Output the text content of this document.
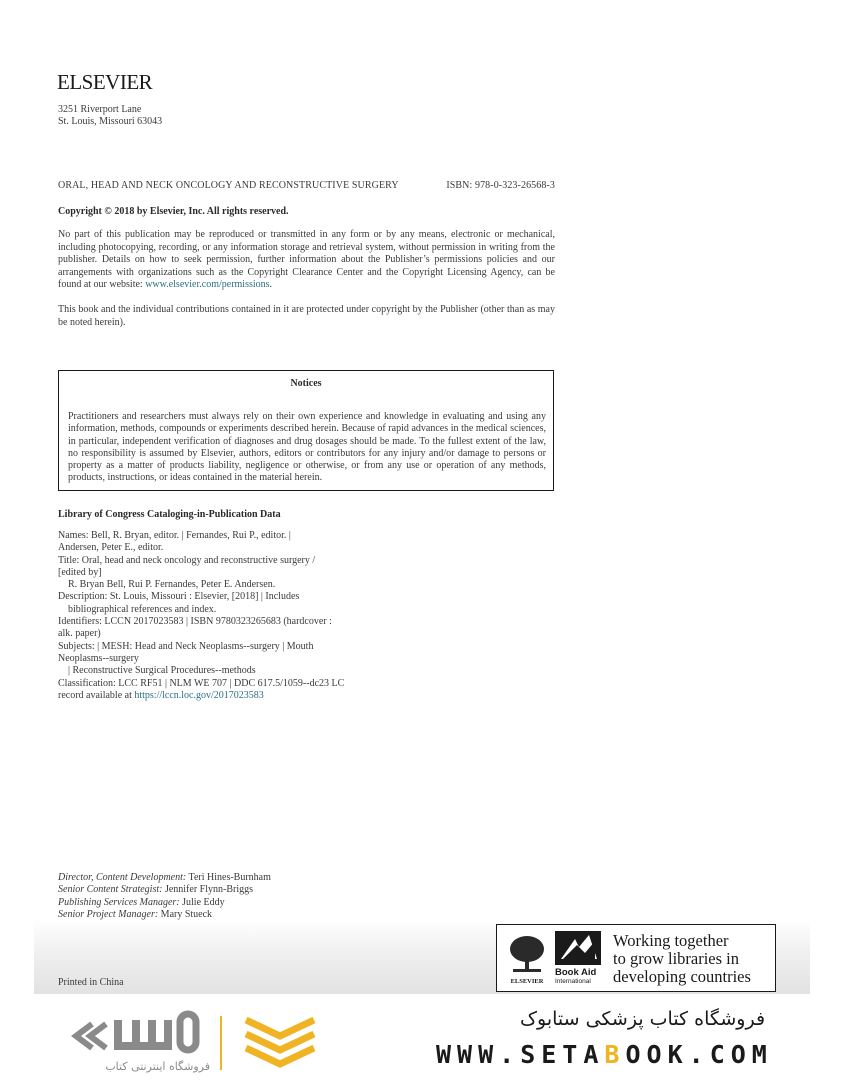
ELSEVIER
3251 Riverport Lane
St. Louis, Missouri 63043
ORAL, HEAD AND NECK ONCOLOGY AND RECONSTRUCTIVE SURGERY	ISBN: 978-0-323-26568-3
Copyright © 2018 by Elsevier, Inc. All rights reserved.
No part of this publication may be reproduced or transmitted in any form or by any means, electronic or mechanical, including photocopying, recording, or any information storage and retrieval system, without permission in writing from the publisher. Details on how to seek permission, further information about the Publisher’s permissions policies and our arrangements with organizations such as the Copyright Clearance Center and the Copyright Licensing Agency, can be found at our website: www.elsevier.com/permissions.
This book and the individual contributions contained in it are protected under copyright by the Publisher (other than as may be noted herein).
Notices
Practitioners and researchers must always rely on their own experience and knowledge in evaluating and using any information, methods, compounds or experiments described herein. Because of rapid advances in the medical sciences, in particular, independent verification of diagnoses and drug dosages should be made. To the fullest extent of the law, no responsibility is assumed by Elsevier, authors, editors or contributors for any injury and/or damage to persons or property as a matter of products liability, negligence or otherwise, or from any use or operation of any methods, products, instructions, or ideas contained in the material herein.
Library of Congress Cataloging-in-Publication Data
Names: Bell, R. Bryan, editor. | Fernandes, Rui P., editor. |
Andersen, Peter E., editor.
Title: Oral, head and neck oncology and reconstructive surgery /
[edited by]
R. Bryan Bell, Rui P. Fernandes, Peter E. Andersen.
Description: St. Louis, Missouri : Elsevier, [2018] | Includes
bibliographical references and index.
Identifiers: LCCN 2017023583 | ISBN 9780323265683 (hardcover :
alk. paper)
Subjects: | MESH: Head and Neck Neoplasms--surgery | Mouth
Neoplasms--surgery
| Reconstructive Surgical Procedures--methods
Classification: LCC RF51 | NLM WE 707 | DDC 617.5/1059--dc23 LC
record available at https://lccn.loc.gov/2017023583
Director, Content Development: Teri Hines-Burnham
Senior Content Strategist: Jennifer Flynn-Briggs
Publishing Services Manager: Julie Eddy
Senior Project Manager: Mary Stueck
Printed in China	ELSEVIER
Book Aid
International
Working together
to grow libraries in
developing countries
فروشگاه اینترنتی کتاب
فروشگاه کتاب پزشکی ستابوک
WWW.SETABOOK.COM
